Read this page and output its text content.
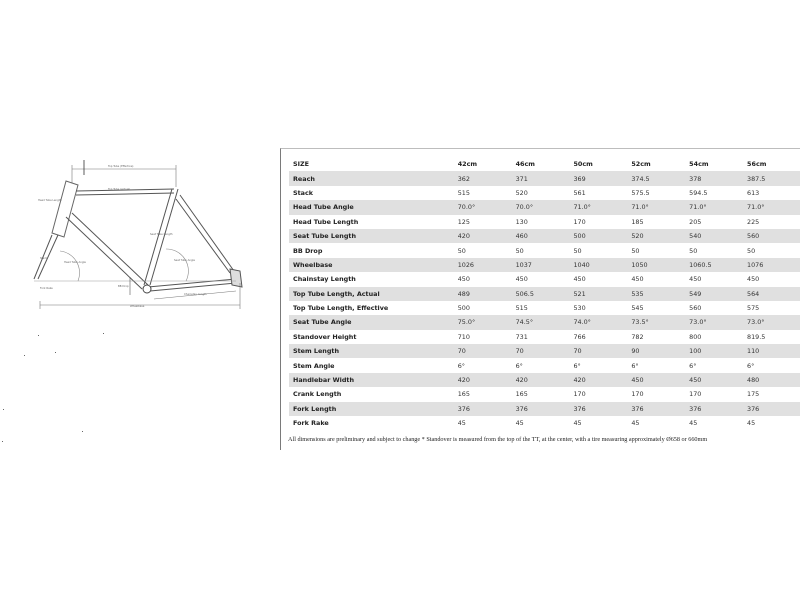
Top Tube (Effective)
Top Tube (Actual)
Head Tube Length
Stack
Head Tube Angle
Seat Tube Length
Seat Tube Angle
Fork Rake
BB Drop
Chainstay Length
Wheelbase
SIZE	42cm	46cm	50cm	52cm	54cm	56cm
Reach	362	371	369	374.5	378	387.5
Stack	515	520	561	575.5	594.5	613
Head Tube Angle	70.0°	70.0°	71.0°	71.0°	71.0°	71.0°
Head Tube Length	125	130	170	185	205	225
Seat Tube Length	420	460	500	520	540	560
BB Drop	50	50	50	50	50	50
Wheelbase	1026	1037	1040	1050	1060.5	1076
Chainstay Length	450	450	450	450	450	450
Top Tube Length, Actual	489	506.5	521	535	549	564
Top Tube Length, Effective	500	515	530	545	560	575
Seat Tube Angle	75.0°	74.5°	74.0°	73.5°	73.0°	73.0°
Standover Height	710	731	766	782	800	819.5
Stem Length	70	70	70	90	100	110
Stem Angle	6°	6°	6°	6°	6°	6°
Handlebar Width	420	420	420	450	450	480
Crank Length	165	165	170	170	170	175
Fork Length	376	376	376	376	376	376
Fork Rake	45	45	45	45	45	45
All dimensions are preliminary and subject to change * Standover is measured from the top of the TT, at the center, with a tire measuring approximately Ø658 or 660mm
